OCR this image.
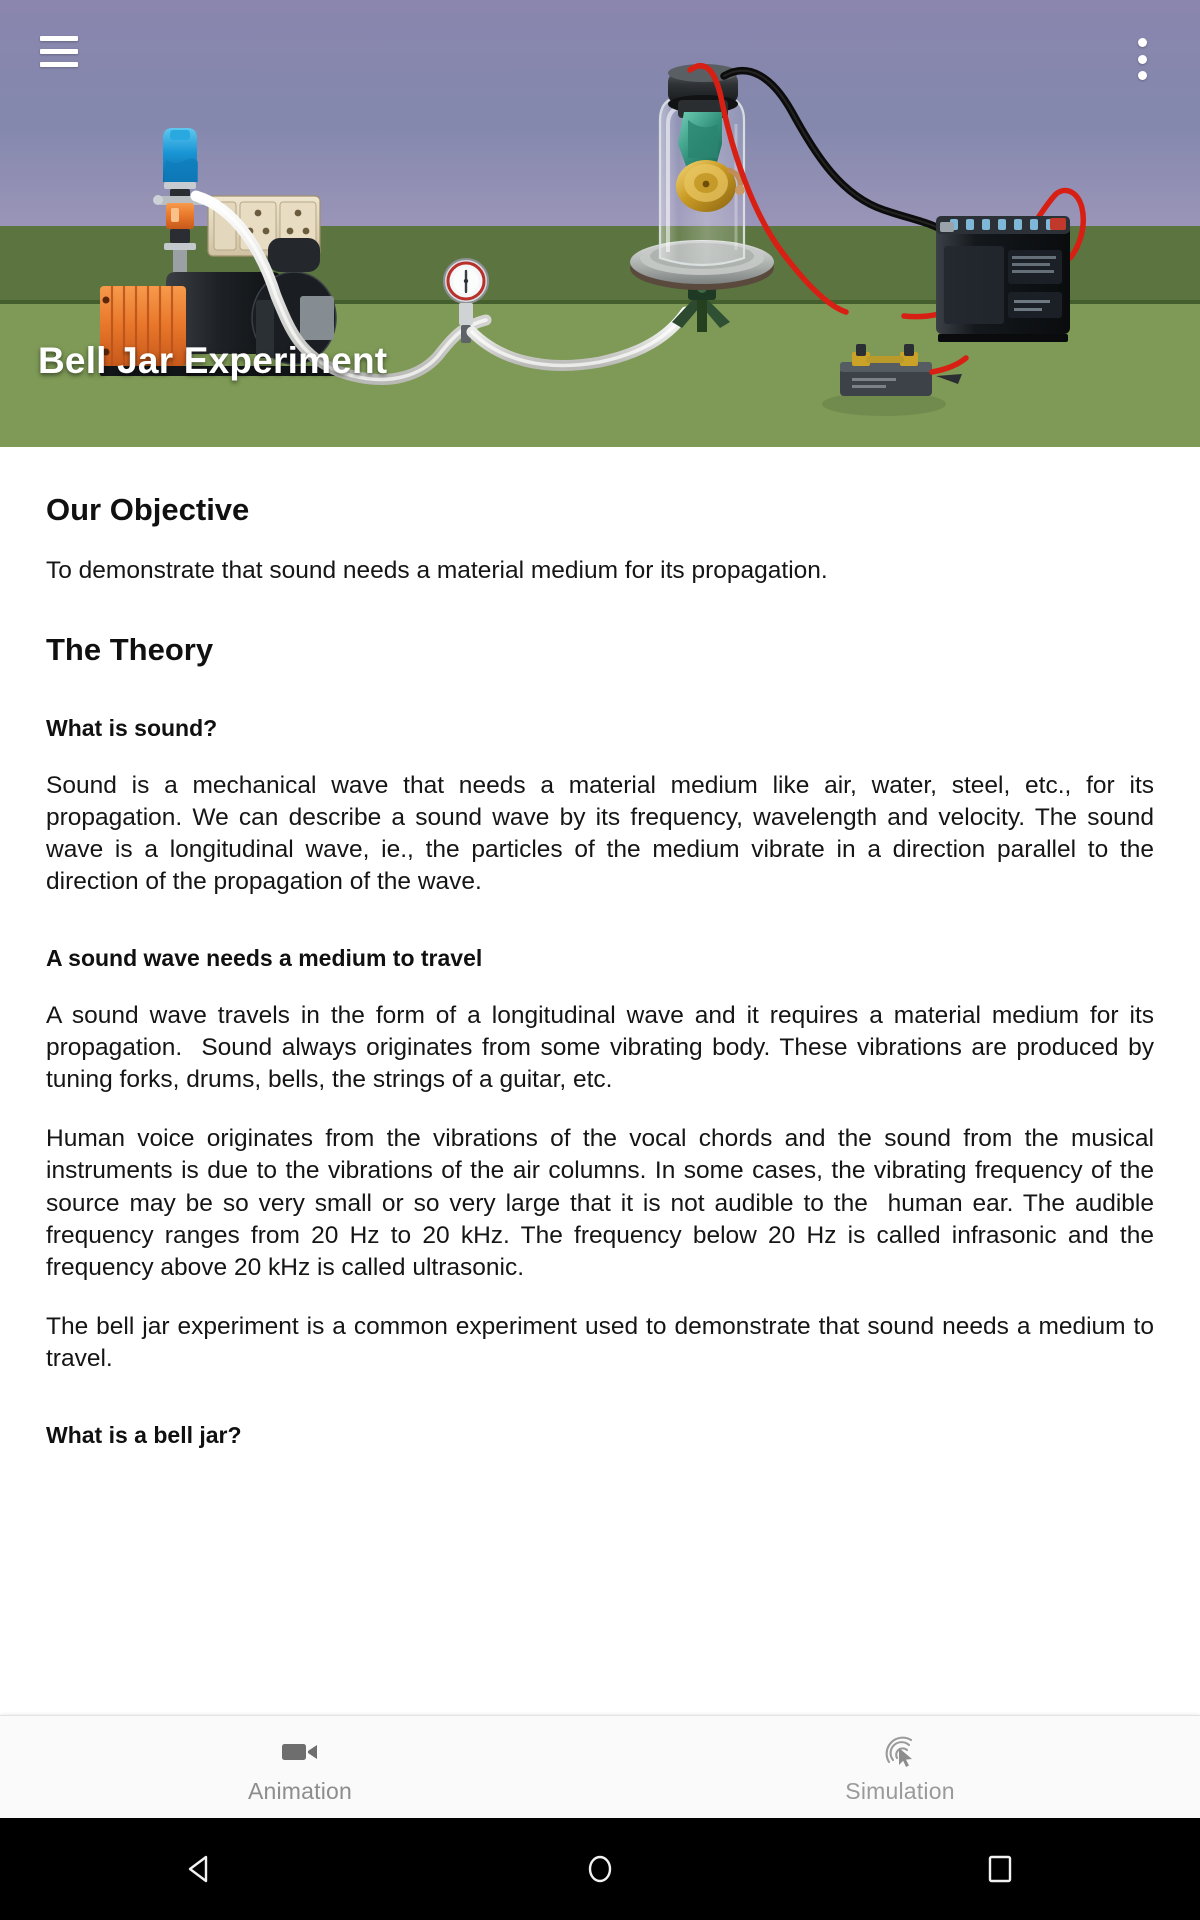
Bell Jar Experiment
Our Objective

To demonstrate that sound needs a material medium for its propagation.

The Theory
What is sound?

Sound is a mechanical wave that needs a material medium like air, water, steel, etc., for its propagation. We can describe a sound wave by its frequency, wavelength and velocity. The sound wave is a longitudinal wave, ie., the particles of the medium vibrate in a direction parallel to the direction of the propagation of the wave.

A sound wave needs a medium to travel

A sound wave travels in the form of a longitudinal wave and it requires a material medium for its propagation.  Sound always originates from some vibrating body. These vibrations are produced by tuning forks, drums, bells, the strings of a guitar, etc.

Human voice originates from the vibrations of the vocal chords and the sound from the musical instruments is due to the vibrations of the air columns. In some cases, the vibrating frequency of the source may be so very small or so very large that it is not audible to the  human ear. The audible frequency ranges from 20 Hz to 20 kHz. The frequency below 20 Hz is called infrasonic and the frequency above 20 kHz is called ultrasonic.

The bell jar experiment is a common experiment used to demonstrate that sound needs a medium to travel.

What is a bell jar?
Animation	Simulation
